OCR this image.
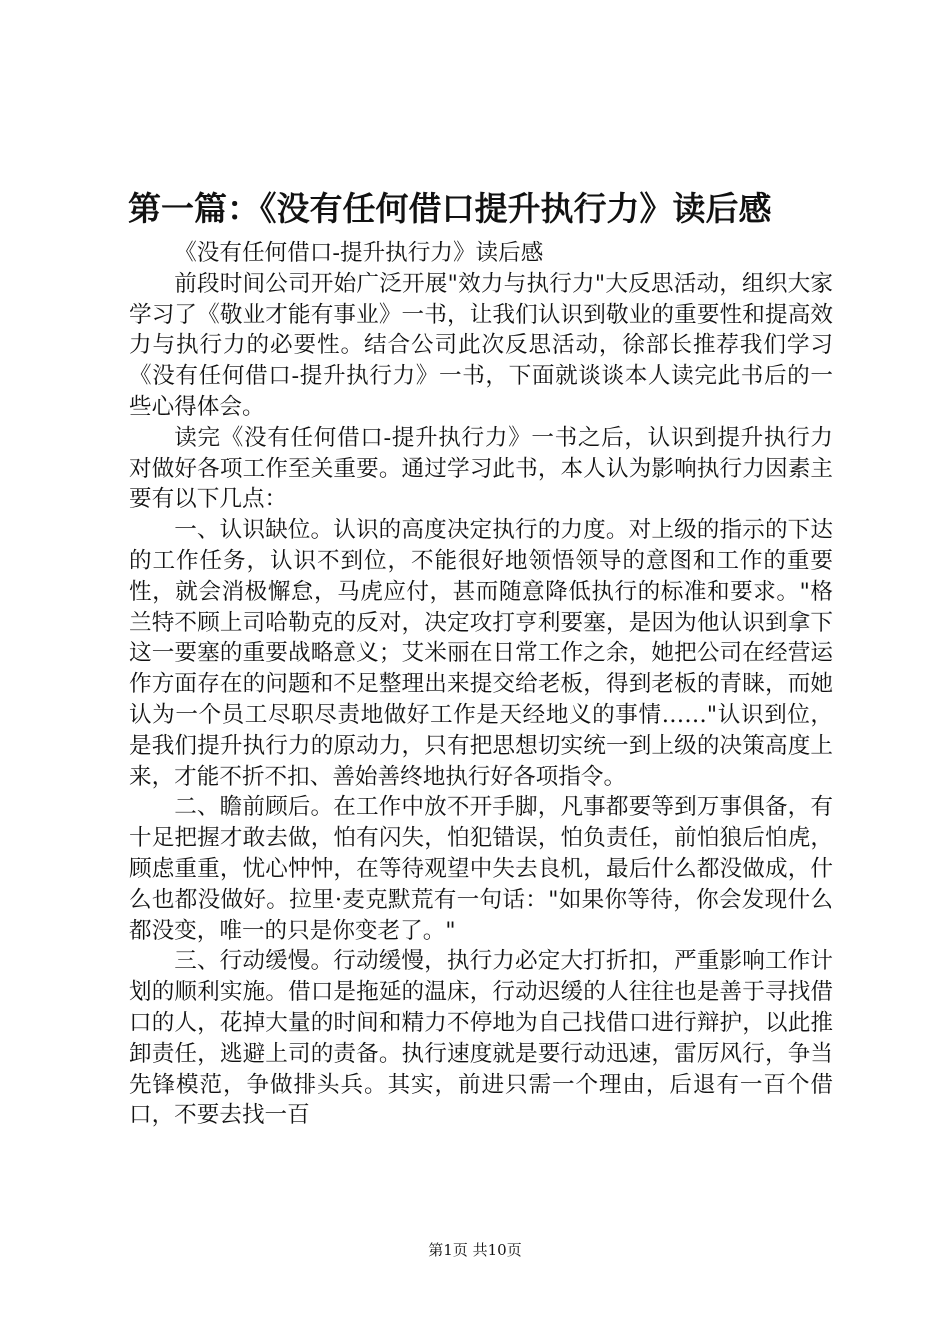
第一篇：《没有任何借口提升执行力》读后感

《没有任何借口-提升执行力》读后感

前段时间公司开始广泛开展"效力与执行力"大反思活动，组织大家学习了《敬业才能有事业》一书，让我们认识到敬业的重要性和提高效力与执行力的必要性。结合公司此次反思活动，徐部长推荐我们学习《没有任何借口-提升执行力》一书，下面就谈谈本人读完此书后的一些心得体会。

读完《没有任何借口-提升执行力》一书之后，认识到提升执行力对做好各项工作至关重要。通过学习此书，本人认为影响执行力因素主要有以下几点：

一、认识缺位。认识的高度决定执行的力度。对上级的指示的下达的工作任务，认识不到位，不能很好地领悟领导的意图和工作的重要性，就会消极懈怠，马虎应付，甚而随意降低执行的标准和要求。"格兰特不顾上司哈勒克的反对，决定攻打亨利要塞，是因为他认识到拿下这一要塞的重要战略意义；艾米丽在日常工作之余，她把公司在经营运作方面存在的问题和不足整理出来提交给老板，得到老板的青睐，而她认为一个员工尽职尽责地做好工作是天经地义的事情……"认识到位，是我们提升执行力的原动力，只有把思想切实统一到上级的决策高度上来，才能不折不扣、善始善终地执行好各项指令。

二、瞻前顾后。在工作中放不开手脚，凡事都要等到万事俱备，有十足把握才敢去做，怕有闪失，怕犯错误，怕负责任，前怕狼后怕虎，顾虑重重，忧心忡忡，在等待观望中失去良机，最后什么都没做成，什么也都没做好。拉里·麦克默荒有一句话："如果你等待，你会发现什么都没变，唯一的只是你变老了。"

三、行动缓慢。行动缓慢，执行力必定大打折扣，严重影响工作计划的顺利实施。借口是拖延的温床，行动迟缓的人往往也是善于寻找借口的人，花掉大量的时间和精力不停地为自己找借口进行辩护，以此推卸责任，逃避上司的责备。执行速度就是要行动迅速，雷厉风行，争当先锋模范，争做排头兵。其实，前进只需一个理由，后退有一百个借口，不要去找一百

第1页 共10页
